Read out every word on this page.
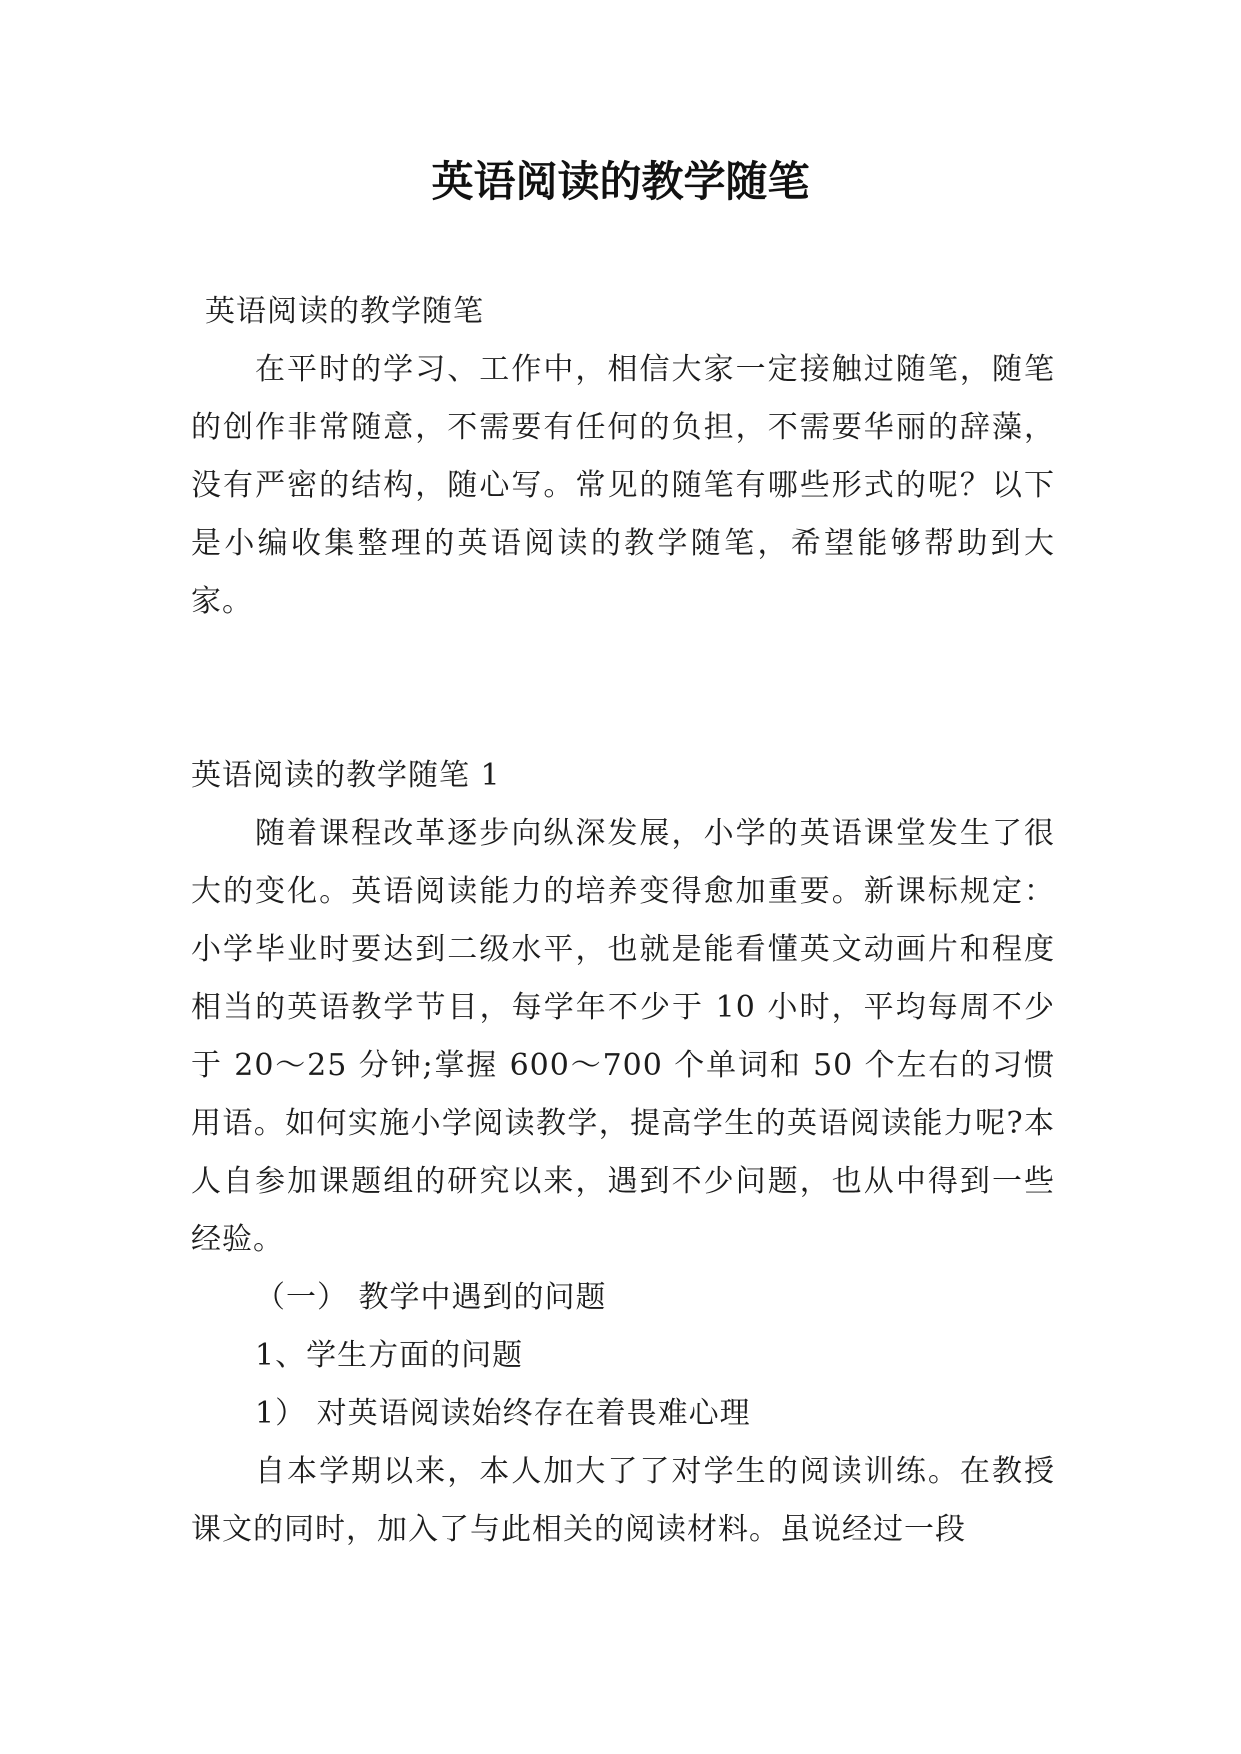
英语阅读的教学随笔

英语阅读的教学随笔

在平时的学习、工作中，相信大家一定接触过随笔，随笔的创作非常随意，不需要有任何的负担，不需要华丽的辞藻，没有严密的结构，随心写。常见的随笔有哪些形式的呢？以下是小编收集整理的英语阅读的教学随笔，希望能够帮助到大家。

英语阅读的教学随笔 1

随着课程改革逐步向纵深发展，小学的英语课堂发生了很大的变化。英语阅读能力的培养变得愈加重要。新课标规定：小学毕业时要达到二级水平，也就是能看懂英文动画片和程度相当的英语教学节目，每学年不少于 10 小时，平均每周不少于 20～25 分钟;掌握 600～700 个单词和 50 个左右的习惯用语。如何实施小学阅读教学，提高学生的英语阅读能力呢?本人自参加课题组的研究以来，遇到不少问题，也从中得到一些经验。

（一） 教学中遇到的问题

1、学生方面的问题

1） 对英语阅读始终存在着畏难心理

自本学期以来，本人加大了了对学生的阅读训练。在教授课文的同时，加入了与此相关的阅读材料。虽说经过一段
